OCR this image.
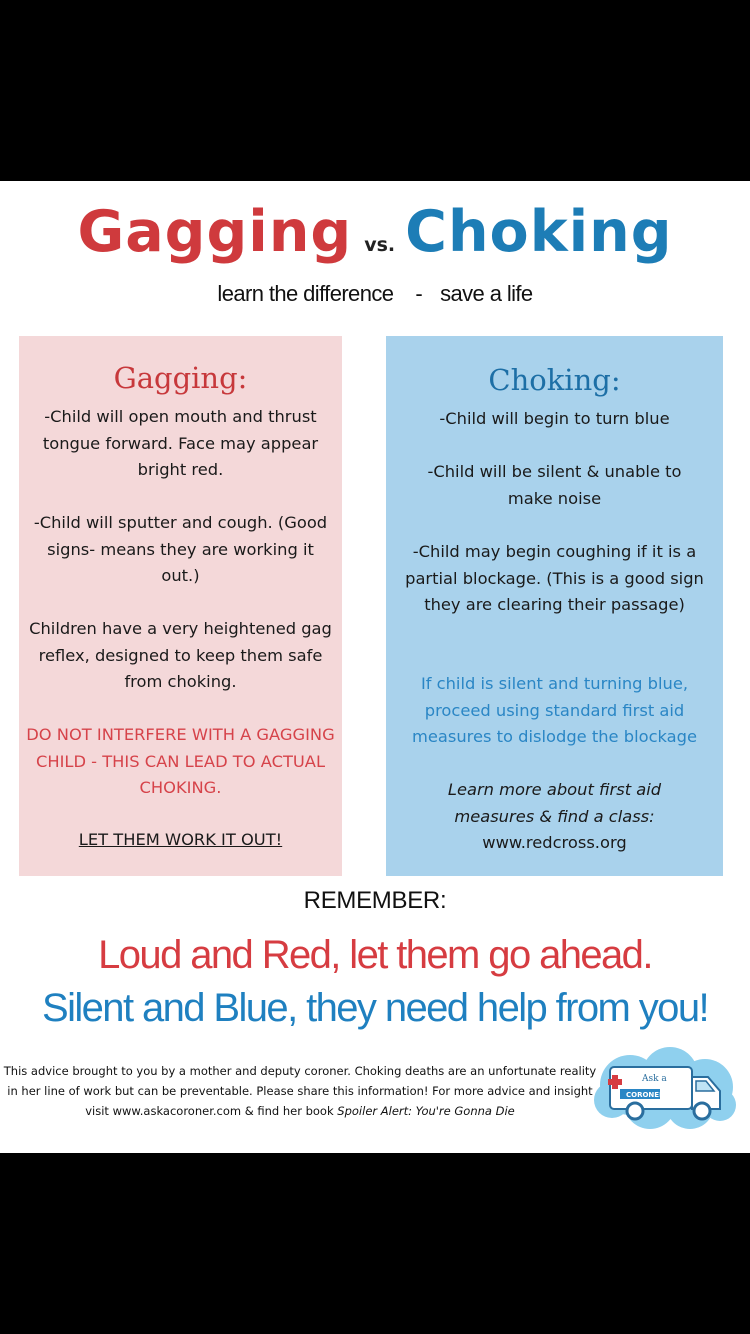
Gagging vs. Choking
learn the difference - save a life

Gagging:

-Child will open mouth and thrust tongue forward. Face may appear bright red.

-Child will sputter and cough. (Good signs- means they are working it out.)

Children have a very heightened gag reflex, designed to keep them safe from choking.

DO NOT INTERFERE WITH A GAGGING CHILD - THIS CAN LEAD TO ACTUAL CHOKING.

LET THEM WORK IT OUT!

Choking:

-Child will begin to turn blue

-Child will be silent & unable to make noise

-Child may begin coughing if it is a partial blockage. (This is a good sign they are clearing their passage)

If child is silent and turning blue, proceed using standard first aid measures to dislodge the blockage

Learn more about first aid measures & find a class:

www.redcross.org

REMEMBER:
Loud and Red, let them go ahead.
Silent and Blue, they need help from you!
This advice brought to you by a mother and deputy coroner. Choking deaths are an unfortunate reality in her line of work but can be preventable. Please share this information! For more advice and insight visit www.askacoroner.com & find her book Spoiler Alert: You're Gonna Die
Ask a
CORONER
